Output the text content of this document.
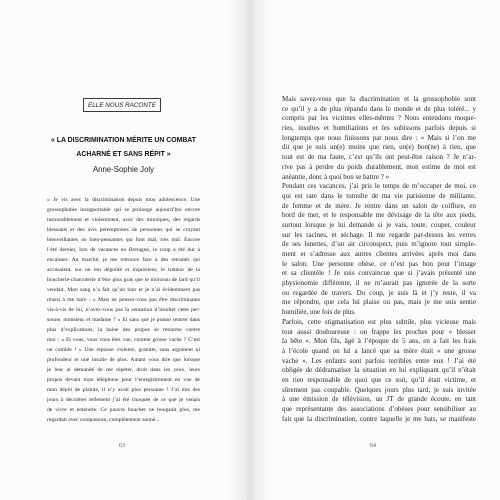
ELLE NOUS RACONTE
« LA DISCRIMINATION MÉRITE UN COMBAT
ACHARNÉ ET SANS RÉPIT »
Anne-Sophie Joly
« Je vis avec la discrimination depuis mon adolescence. Une
grossophobie insupportable qui se prolonge aujourd’hui encore
inexorablement et violemment, avec des mimiques, des regards
blessants et des avis péremptoires de personnes qui se croyant
bienveillantes ou bien-pensantes qui font mal, très mal. Encore
l’été dernier, lors de vacances en Bretagne, le coup a été dur à
encaisser. Au marché, je me retrouve face à des retraités qui
accusaient, sur un ton dégoûté et inquisiteur, le traiteur de la
boucherie-charcuterie d’être plus gras que le morceau de lard qu’il
vendait. Mon sang n’a fait qu’un tour et je n’ai évidemment pas
réussi à me taire : « Mais ne pensez-vous pas être discriminants
vis-à-vis de lui, n’avez-vous pas la sensation d’insulter cette per-
sonne, monsieur et madame ? » Et sans que je puisse rentrer dans
plus d’explications, la haine des propos se retourne contre
moi : « Et vous, vous vous êtes vue, comme grosse vache ? C’est
un comble ! » Une réponse violente, gratuite, sans argument ni
profondeur et une insulte de plus. Autant vous dire que lorsque
je leur ai demandé de me répéter, droit dans les yeux, leurs
propos devant mon téléphone pour l’enregistrement en vue de
mon dépôt de plainte, il n’y avait plus personne ! J’ai mis des
jours à décolérer tellement j’ai été choquée de ce que je venais
de vivre et entendre. Ce pauvre boucher ne bougeait plus, me
regardait avec compassion, complètement sonné...
63
Mais savez-vous que la discrimination et la grossophobie sont
ce qu’il y a de plus répandu dans le monde et de plus toléré... y
compris par les victimes elles-mêmes ? Nous entendons moque-
ries, insultes et humiliations et les subissons parfois depuis si
longtemps que nous finissons par nous dire : « Mais si l’on me
dit que je suis un(e) moins que rien, un(e) bon(ne) à rien, que
tout est de ma faute, c’est qu’ils ont peut-être raison ? Je n’ar-
rive pas à perdre du poids durablement, mon estime de moi est
anéantie, donc à quoi bon se battre ? »
Pendant ces vacances, j’ai pris le temps de m’occuper de moi, ce
qui est rare dans le tumulte de ma vie parisienne de militante,
de femme et de mère. Je rentre dans un salon de coiffure, en
bord de mer, et le responsable me dévisage de la tête aux pieds,
surtout lorsque je lui demande si je vais, toute, couper, couleur
sur les racines, et séchage. Il me regarde par-dessus les verres
de ses lunettes, d’un air circonspect, puis m’ignore tout simple-
ment et s’adresse aux autres clientes arrivées après moi dans
le salon. Une personne obèse, ce n’est pas bon pour l’image
et sa clientèle ! Je suis convaincue que si j’avais présenté une
physionomie différente, il ne m’aurait pas ignorée de la sorte
ou regardée de travers. Du coup, je suis là et j’y reste, il va
me répondre, que cela lui plaise ou pas, mais je me suis sentie
humiliée, une fois de plus.
Parfois, cette stigmatisation est plus subtile, plus vicieuse mais
tout aussi douloureuse : on frappe les proches pour « blesser
la bête ». Mon fils, âgé à l’époque de 5 ans, en a fait les frais
à l’école quand on lui a lancé que sa mère était « une grosse
vache ». Les enfants sont parfois terribles entre eux ! J’ai été
obligée de dédramatiser la situation en lui expliquant qu’il n’était
en rien responsable de quoi que ce soit, qu’il était victime, et
sûrement pas coupable. Quelques jours plus tard, je suis invitée
à une émission de télévision, un JT de grande écoute, en tant
que représentante des associations d’obèses pour sensibiliser au
fait que la discrimination, contre laquelle je me bats, se manifeste
64
